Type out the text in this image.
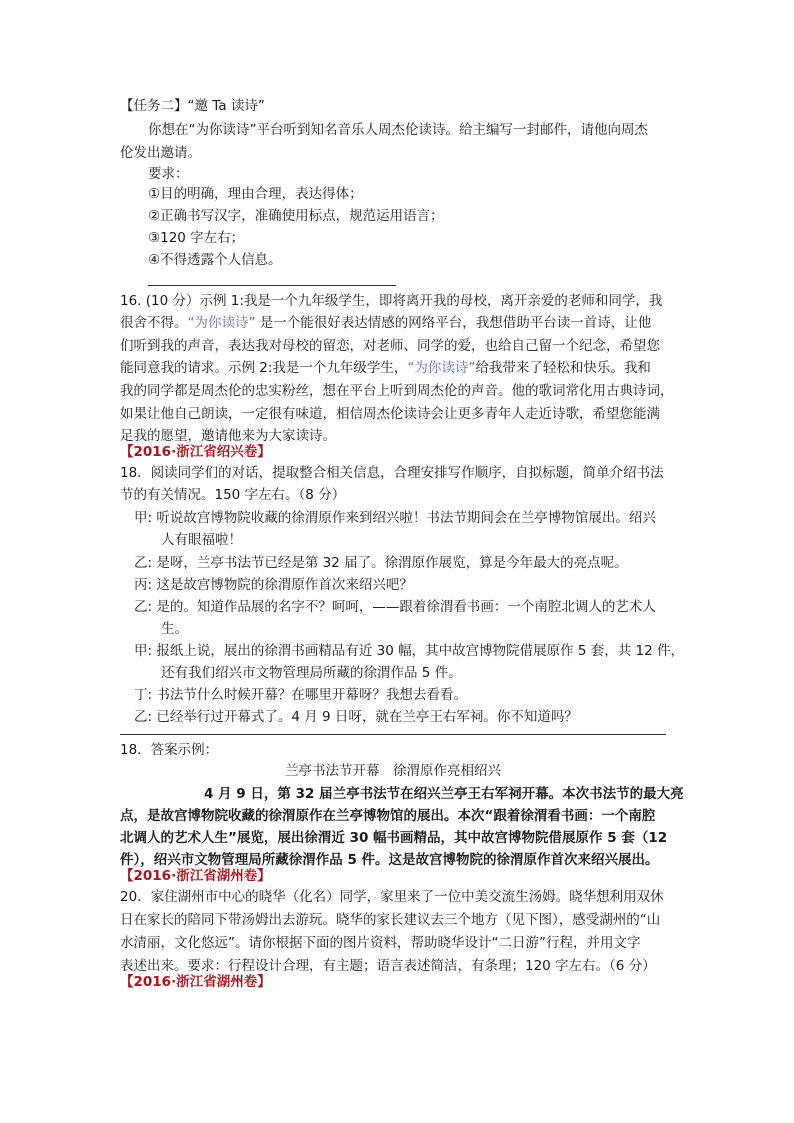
【任务二】“邀 Ta 读诗”
你想在“为你读诗”平台听到知名音乐人周杰伦读诗。给主编写一封邮件，请他向周杰
伦发出邀请。
要求：
①目的明确，理由合理，表达得体；
②正确书写汉字，准确使用标点，规范运用语言；
③120 字左右；
④不得透露个人信息。
16. (10 分）示例 1:我是一个九年级学生，即将离开我的母校，离开亲爱的老师和同学，我
很舍不得。“为你读诗” 是一个能很好表达情感的网络平台，我想借助平台读一首诗，让他
们听到我的声音，表达我对母校的留恋，对老师、同学的爱，也给自己留一个纪念，希望您
能同意我的请求。示例 2:我是一个九年级学生，“为你读诗”给我带来了轻松和快乐。我和
我的同学都是周杰伦的忠实粉丝，想在平台上听到周杰伦的声音。他的歌词常化用古典诗词，
如果让他自己朗读，一定很有味道，相信周杰伦读诗会让更多青年人走近诗歌，希望您能满
足我的愿望，邀请他来为大家读诗。
【2016·浙江省绍兴卷】
18．阅读同学们的对话，提取整合相关信息，合理安排写作顺序，自拟标题，简单介绍书法
节的有关情况。150 字左右。（8 分）
甲: 听说故宫博物院收藏的徐渭原作来到绍兴啦！书法节期间会在兰亭博物馆展出。绍兴
人有眼福啦！
乙: 是呀，兰亭书法节已经是第 32 届了。徐渭原作展览，算是今年最大的亮点呢。
丙: 这是故宫博物院的徐渭原作首次来绍兴吧？
乙: 是的。知道作品展的名字不？呵呵，——跟着徐渭看书画：一个南腔北调人的艺术人
生。
甲: 报纸上说，展出的徐渭书画精品有近 30 幅，其中故宫博物院借展原作 5 套，共 12 件，
还有我们绍兴市文物管理局所藏的徐渭作品 5 件。
丁: 书法节什么时候开幕？在哪里开幕呀？我想去看看。
乙: 已经举行过开幕式了。4 月 9 日呀，就在兰亭王右军祠。你不知道吗？
18．答案示例：
兰亭书法节开幕　徐渭原作亮相绍兴
4 月 9 日，第 32 届兰亭书法节在绍兴兰亭王右军祠开幕。本次书法节的最大亮
点，是故宫博物院收藏的徐渭原作在兰亭博物馆的展出。本次“跟着徐渭看书画：一个南腔
北调人的艺术人生”展览，展出徐渭近 30 幅书画精品，其中故宫博物院借展原作 5 套（12
件），绍兴市文物管理局所藏徐渭作品 5 件。这是故宫博物院的徐渭原作首次来绍兴展出。
【2016·浙江省湖州卷】
20．家住湖州市中心的晓华（化名）同学，家里来了一位中美交流生汤姆。晓华想利用双休
日在家长的陪同下带汤姆出去游玩。晓华的家长建议去三个地方（见下图），感受湖州的“山
水清丽，文化悠远”。请你根据下面的图片资料，帮助晓华设计“二日游”行程，并用文字
表述出来。要求：行程设计合理，有主题；语言表述简洁，有条理；120 字左右。（6 分）
【2016·浙江省湖州卷】
